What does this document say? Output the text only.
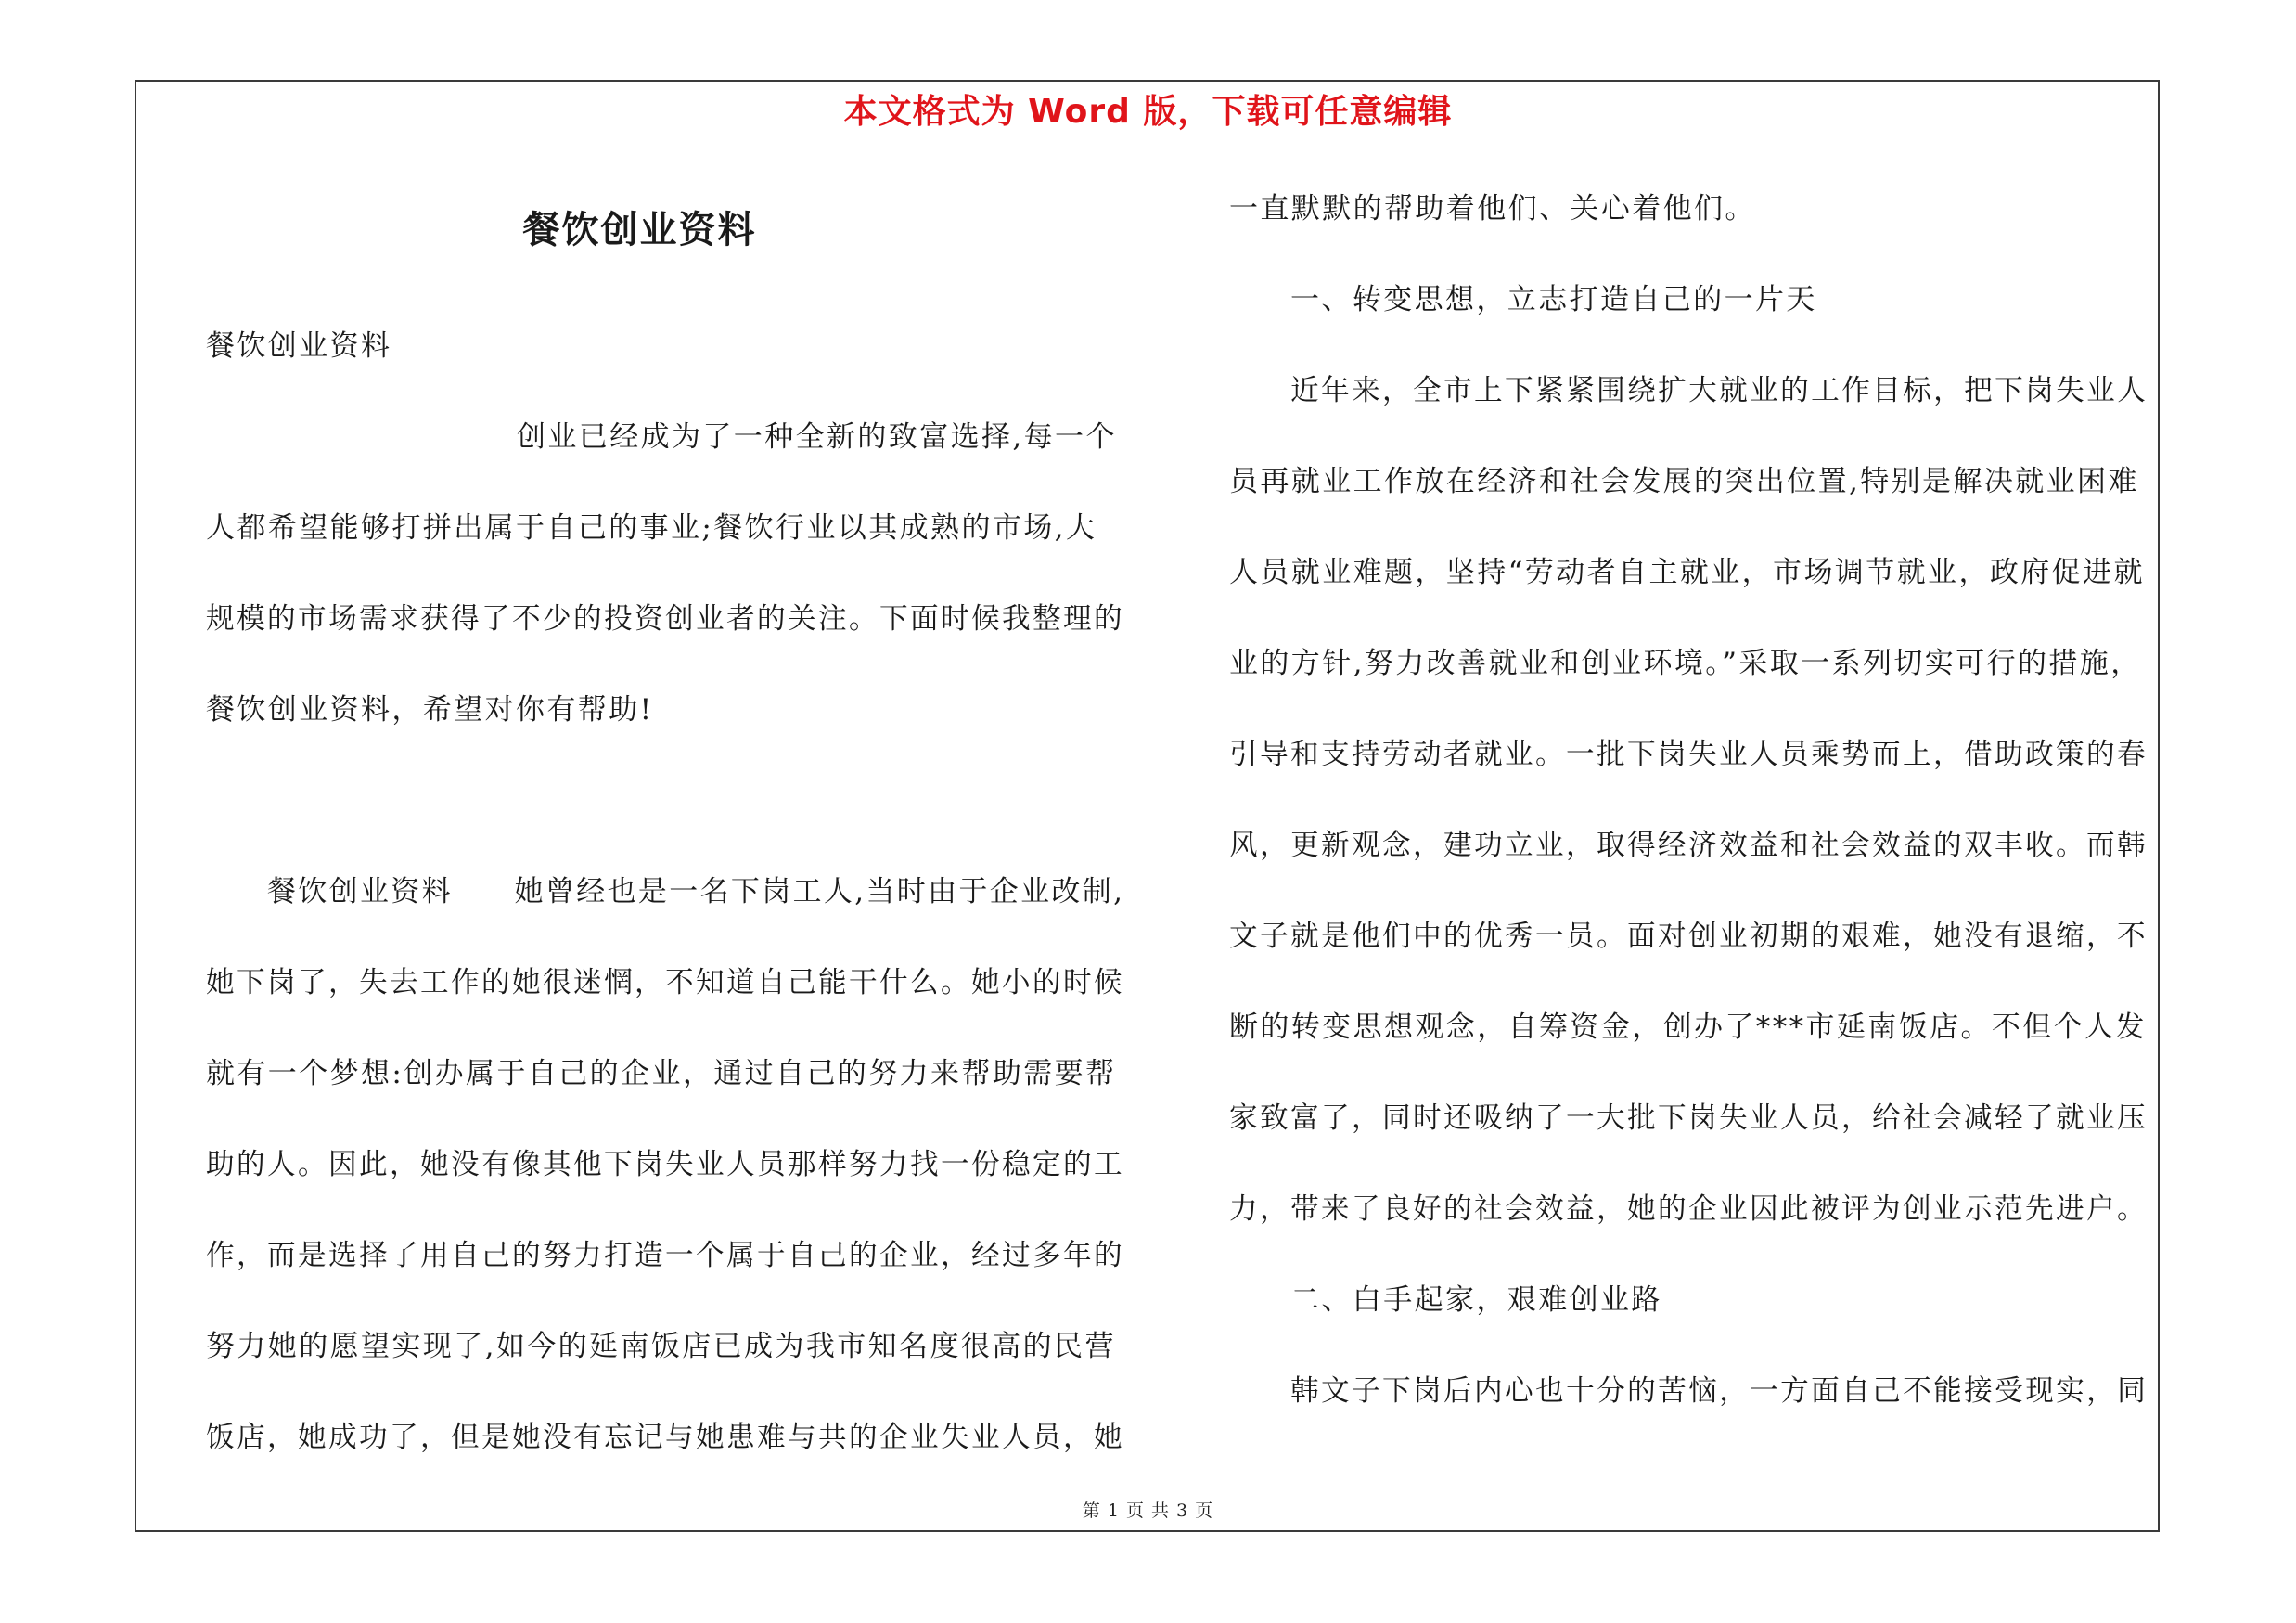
本文格式为 Word 版，下载可任意编辑
餐饮创业资料
餐饮创业资料
创业已经成为了一种全新的致富选择,每一个
人都希望能够打拼出属于自己的事业;餐饮行业以其成熟的市场,大
规模的市场需求获得了不少的投资创业者的关注。下面时候我整理的
餐饮创业资料，希望对你有帮助!
餐饮创业资料　　她曾经也是一名下岗工人,当时由于企业改制,
她下岗了，失去工作的她很迷惘，不知道自己能干什么。她小的时候
就有一个梦想:创办属于自己的企业，通过自己的努力来帮助需要帮
助的人。因此，她没有像其他下岗失业人员那样努力找一份稳定的工
作，而是选择了用自己的努力打造一个属于自己的企业，经过多年的
努力她的愿望实现了,如今的延南饭店已成为我市知名度很高的民营
饭店，她成功了，但是她没有忘记与她患难与共的企业失业人员，她
一直默默的帮助着他们、关心着他们。
一、转变思想，立志打造自己的一片天
近年来，全市上下紧紧围绕扩大就业的工作目标，把下岗失业人
员再就业工作放在经济和社会发展的突出位置,特别是解决就业困难
人员就业难题，坚持“劳动者自主就业，市场调节就业，政府促进就
业的方针,努力改善就业和创业环境。”采取一系列切实可行的措施，
引导和支持劳动者就业。一批下岗失业人员乘势而上，借助政策的春
风，更新观念，建功立业，取得经济效益和社会效益的双丰收。而韩
文子就是他们中的优秀一员。面对创业初期的艰难，她没有退缩，不
断的转变思想观念，自筹资金，创办了***市延南饭店。不但个人发
家致富了，同时还吸纳了一大批下岗失业人员，给社会减轻了就业压
力，带来了良好的社会效益，她的企业因此被评为创业示范先进户。
二、白手起家，艰难创业路
韩文子下岗后内心也十分的苦恼，一方面自己不能接受现实，同
第 1 页 共 3 页
